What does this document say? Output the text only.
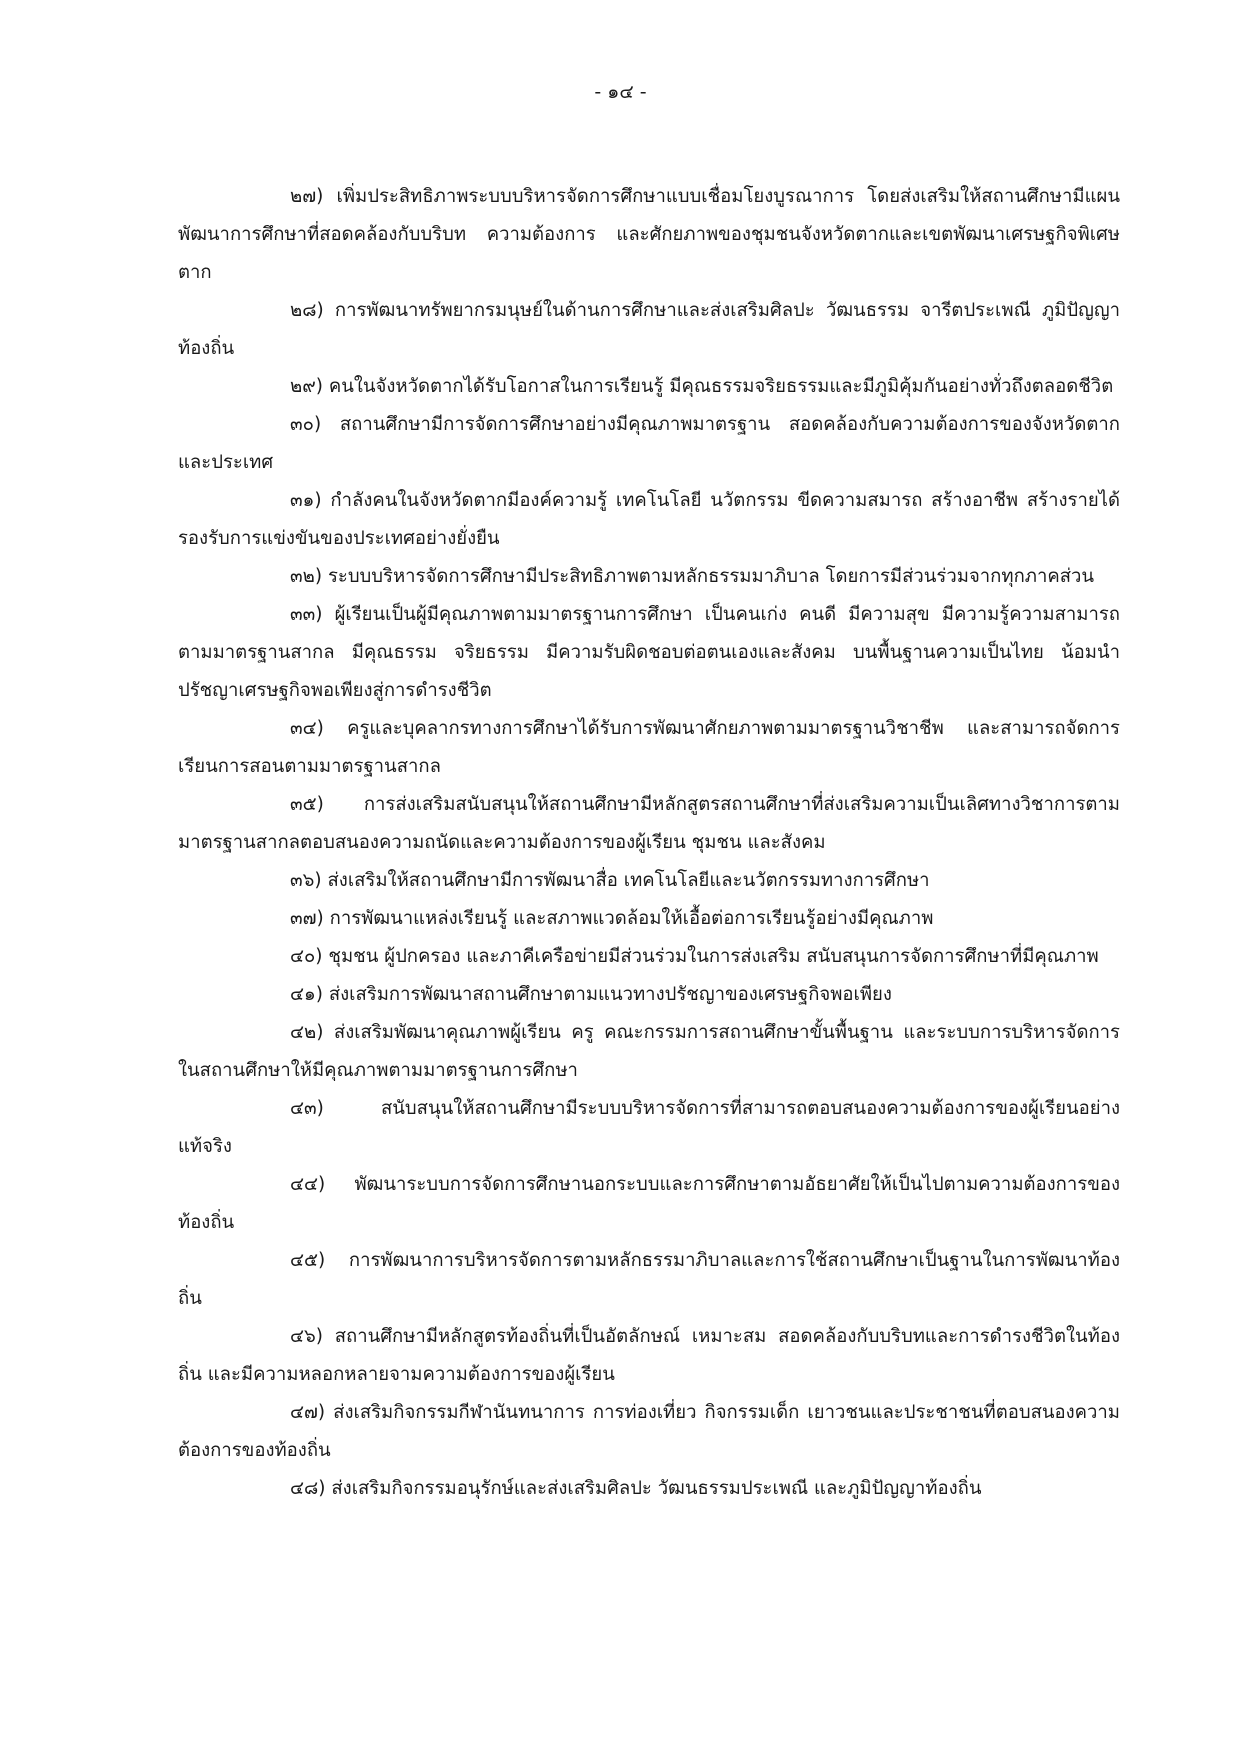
- ๑๔ -

๒๗) เพิ่มประสิทธิภาพระบบบริหารจัดการศึกษาแบบเชื่อมโยงบูรณาการ โดยส่งเสริมให้สถานศึกษามีแผนพัฒนาการศึกษาที่สอดคล้องกับบริบท ความต้องการ และศักยภาพของชุมชนจังหวัดตากและเขตพัฒนาเศรษฐกิจพิเศษตาก

๒๘) การพัฒนาทรัพยากรมนุษย์ในด้านการศึกษาและส่งเสริมศิลปะ วัฒนธรรม จารีตประเพณี ภูมิปัญญาท้องถิ่น

๒๙) คนในจังหวัดตากได้รับโอกาสในการเรียนรู้ มีคุณธรรมจริยธรรมและมีภูมิคุ้มกันอย่างทั่วถึงตลอดชีวิต

๓๐) สถานศึกษามีการจัดการศึกษาอย่างมีคุณภาพมาตรฐาน สอดคล้องกับความต้องการของจังหวัดตากและประเทศ

๓๑) กำลังคนในจังหวัดตากมีองค์ความรู้ เทคโนโลยี นวัตกรรม ขีดความสมารถ สร้างอาชีพ สร้างรายได้ รองรับการแข่งขันของประเทศอย่างยั่งยืน

๓๒) ระบบบริหารจัดการศึกษามีประสิทธิภาพตามหลักธรรมมาภิบาล โดยการมีส่วนร่วมจากทุกภาคส่วน

๓๓) ผู้เรียนเป็นผู้มีคุณภาพตามมาตรฐานการศึกษา เป็นคนเก่ง คนดี มีความสุข มีความรู้ความสามารถตามมาตรฐานสากล มีคุณธรรม จริยธรรม มีความรับผิดชอบต่อตนเองและสังคม บนพื้นฐานความเป็นไทย น้อมนำปรัชญาเศรษฐกิจพอเพียงสู่การดำรงชีวิต

๓๔) ครูและบุคลากรทางการศึกษาได้รับการพัฒนาศักยภาพตามมาตรฐานวิชาชีพ และสามารถจัดการเรียนการสอนตามมาตรฐานสากล

๓๕) การส่งเสริมสนับสนุนให้สถานศึกษามีหลักสูตรสถานศึกษาที่ส่งเสริมความเป็นเลิศทางวิชาการตามมาตรฐานสากลตอบสนองความถนัดและความต้องการของผู้เรียน ชุมชน และสังคม

๓๖) ส่งเสริมให้สถานศึกษามีการพัฒนาสื่อ เทคโนโลยีและนวัตกรรมทางการศึกษา

๓๗) การพัฒนาแหล่งเรียนรู้ และสภาพแวดล้อมให้เอื้อต่อการเรียนรู้อย่างมีคุณภาพ

๔๐) ชุมชน ผู้ปกครอง และภาคีเครือข่ายมีส่วนร่วมในการส่งเสริม สนับสนุนการจัดการศึกษาที่มีคุณภาพ

๔๑) ส่งเสริมการพัฒนาสถานศึกษาตามแนวทางปรัชญาของเศรษฐกิจพอเพียง

๔๒) ส่งเสริมพัฒนาคุณภาพผู้เรียน ครู คณะกรรมการสถานศึกษาขั้นพื้นฐาน และระบบการบริหารจัดการในสถานศึกษาให้มีคุณภาพตามมาตรฐานการศึกษา

๔๓) สนับสนุนให้สถานศึกษามีระบบบริหารจัดการที่สามารถตอบสนองความต้องการของผู้เรียนอย่างแท้จริง

๔๔) พัฒนาระบบการจัดการศึกษานอกระบบและการศึกษาตามอัธยาศัยให้เป็นไปตามความต้องการของท้องถิ่น

๔๕) การพัฒนาการบริหารจัดการตามหลักธรรมาภิบาลและการใช้สถานศึกษาเป็นฐานในการพัฒนาท้องถิ่น

๔๖) สถานศึกษามีหลักสูตรท้องถิ่นที่เป็นอัตลักษณ์ เหมาะสม สอดคล้องกับบริบทและการดำรงชีวิตในท้องถิ่น และมีความหลอกหลายจามความต้องการของผู้เรียน

๔๗) ส่งเสริมกิจกรรมกีฬานันทนาการ การท่องเที่ยว กิจกรรมเด็ก เยาวชนและประชาชนที่ตอบสนองความต้องการของท้องถิ่น

๔๘) ส่งเสริมกิจกรรมอนุรักษ์และส่งเสริมศิลปะ วัฒนธรรมประเพณี และภูมิปัญญาท้องถิ่น
